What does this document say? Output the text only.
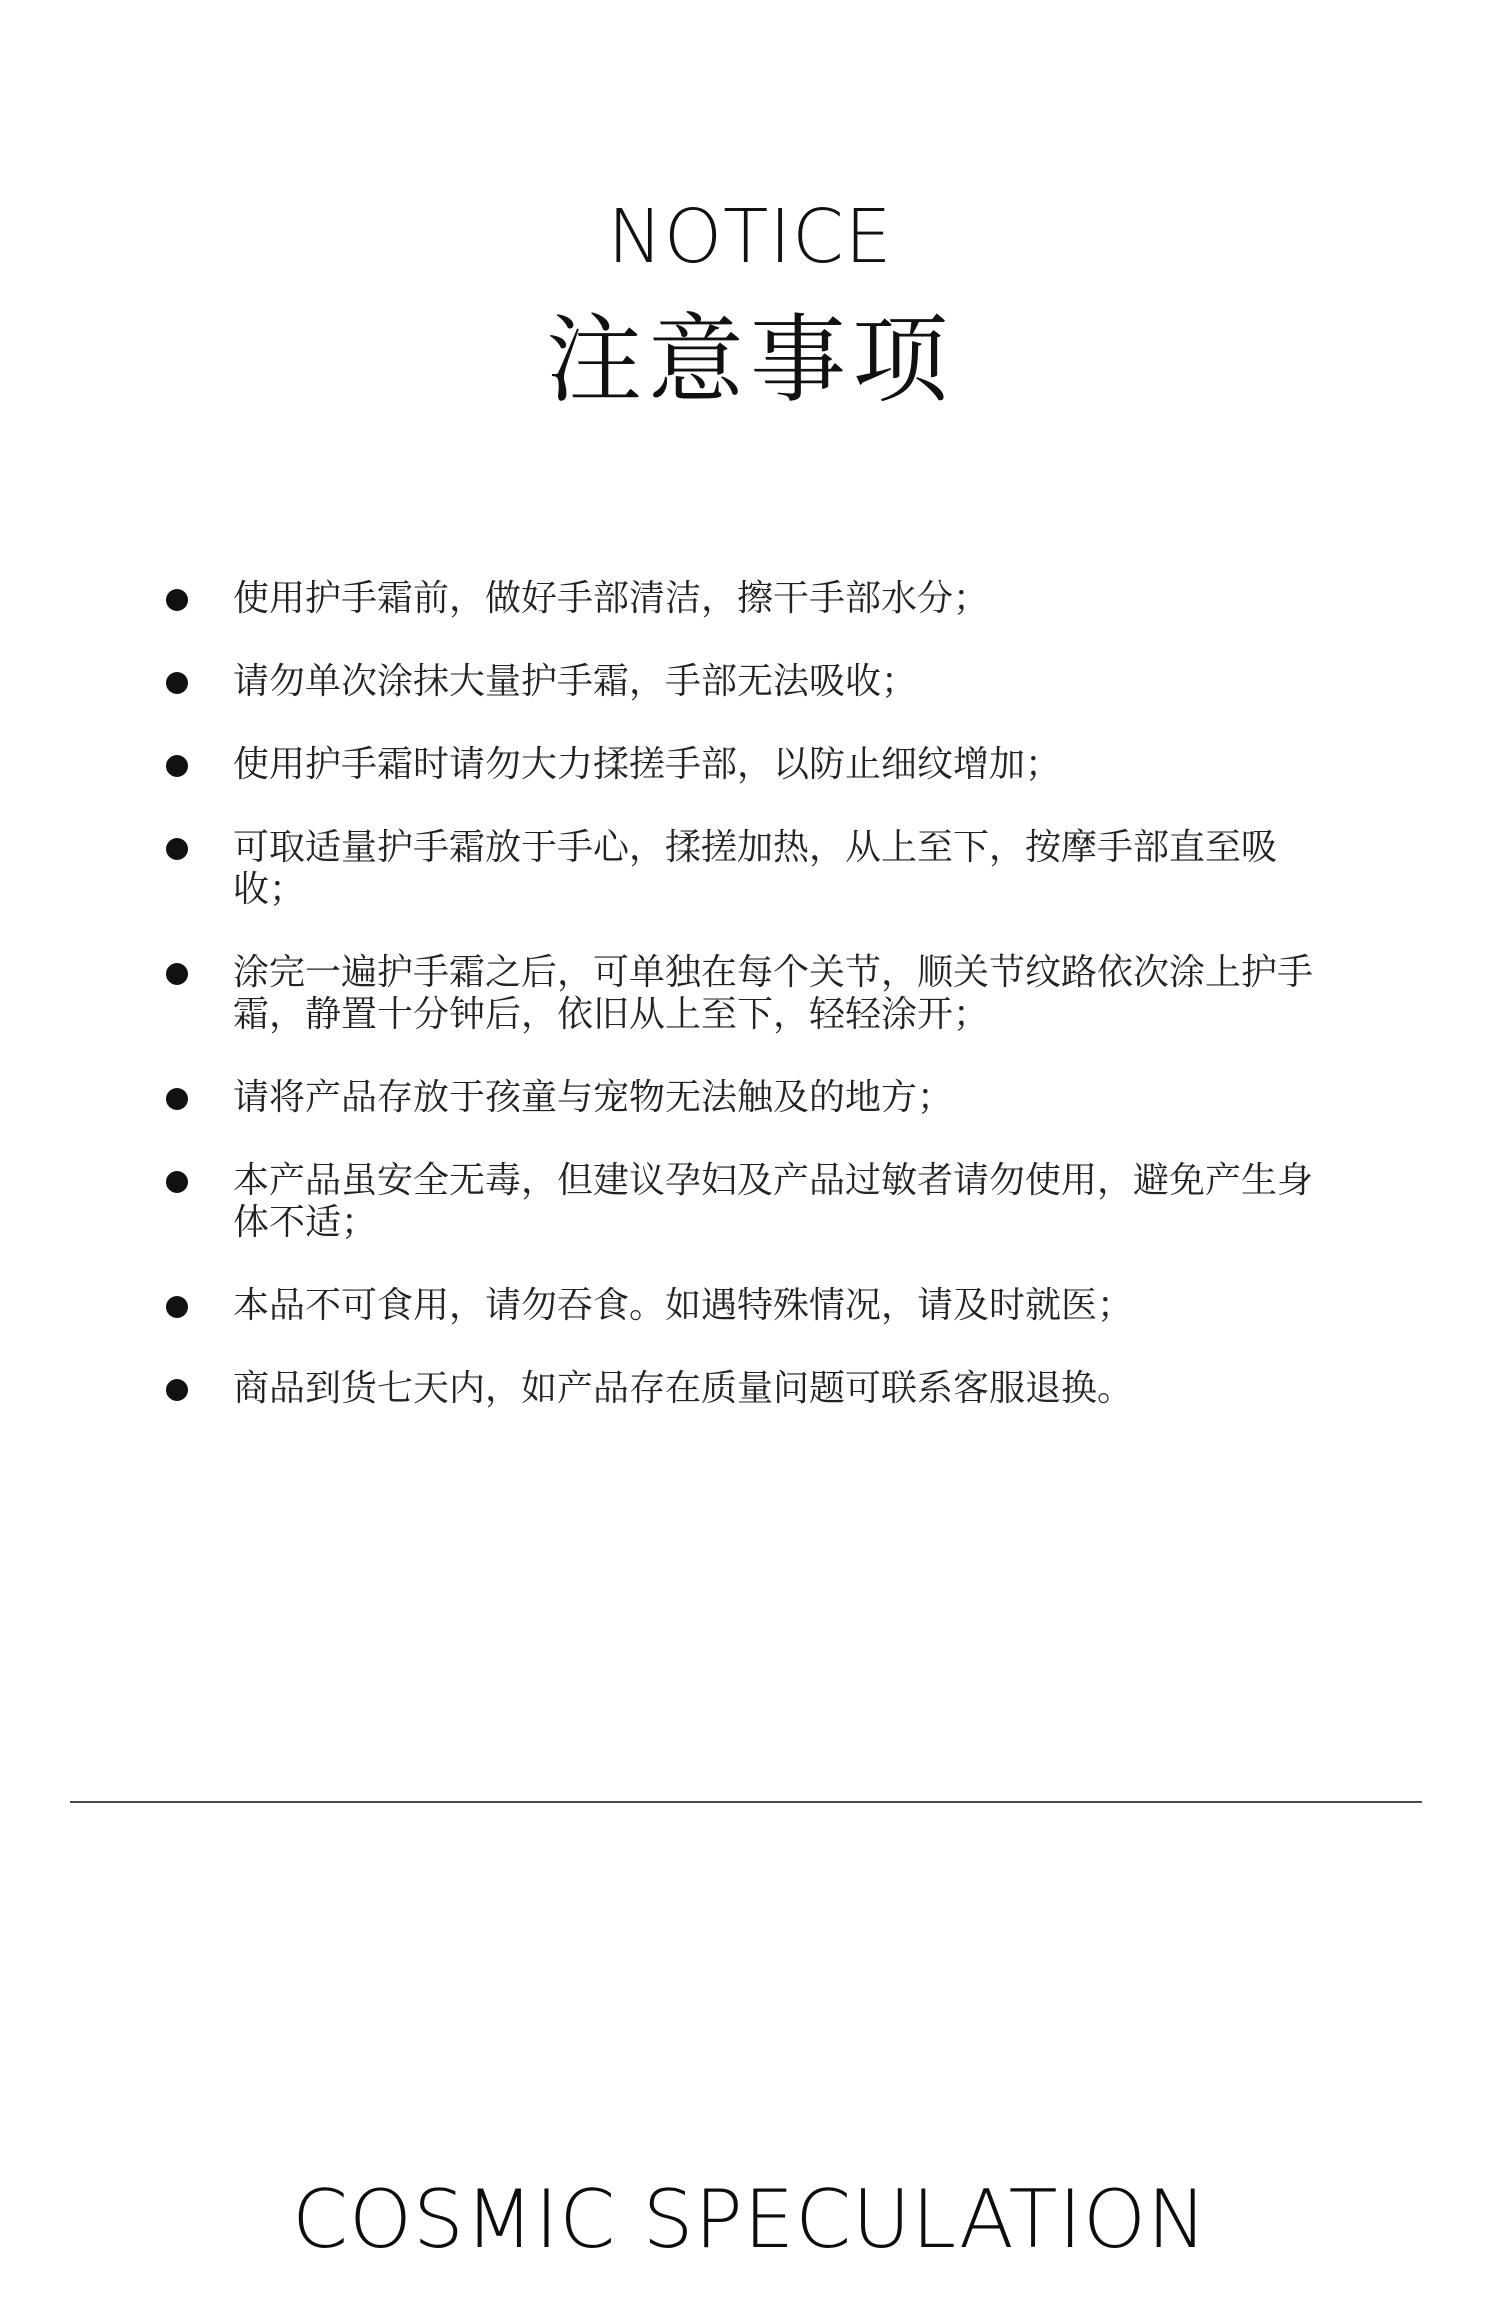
NOTICE
注意事项
使用护手霜前，做好手部清洁，擦干手部水分；
请勿单次涂抹大量护手霜，手部无法吸收；
使用护手霜时请勿大力揉搓手部，以防止细纹增加；
可取适量护手霜放于手心，揉搓加热，从上至下，按摩手部直至吸收；
涂完一遍护手霜之后，可单独在每个关节，顺关节纹路依次涂上护手霜，静置十分钟后，依旧从上至下，轻轻涂开；
请将产品存放于孩童与宠物无法触及的地方；
本产品虽安全无毒，但建议孕妇及产品过敏者请勿使用，避免产生身体不适；
本品不可食用，请勿吞食。如遇特殊情况，请及时就医；
商品到货七天内，如产品存在质量问题可联系客服退换。
COSMIC SPECULATION
